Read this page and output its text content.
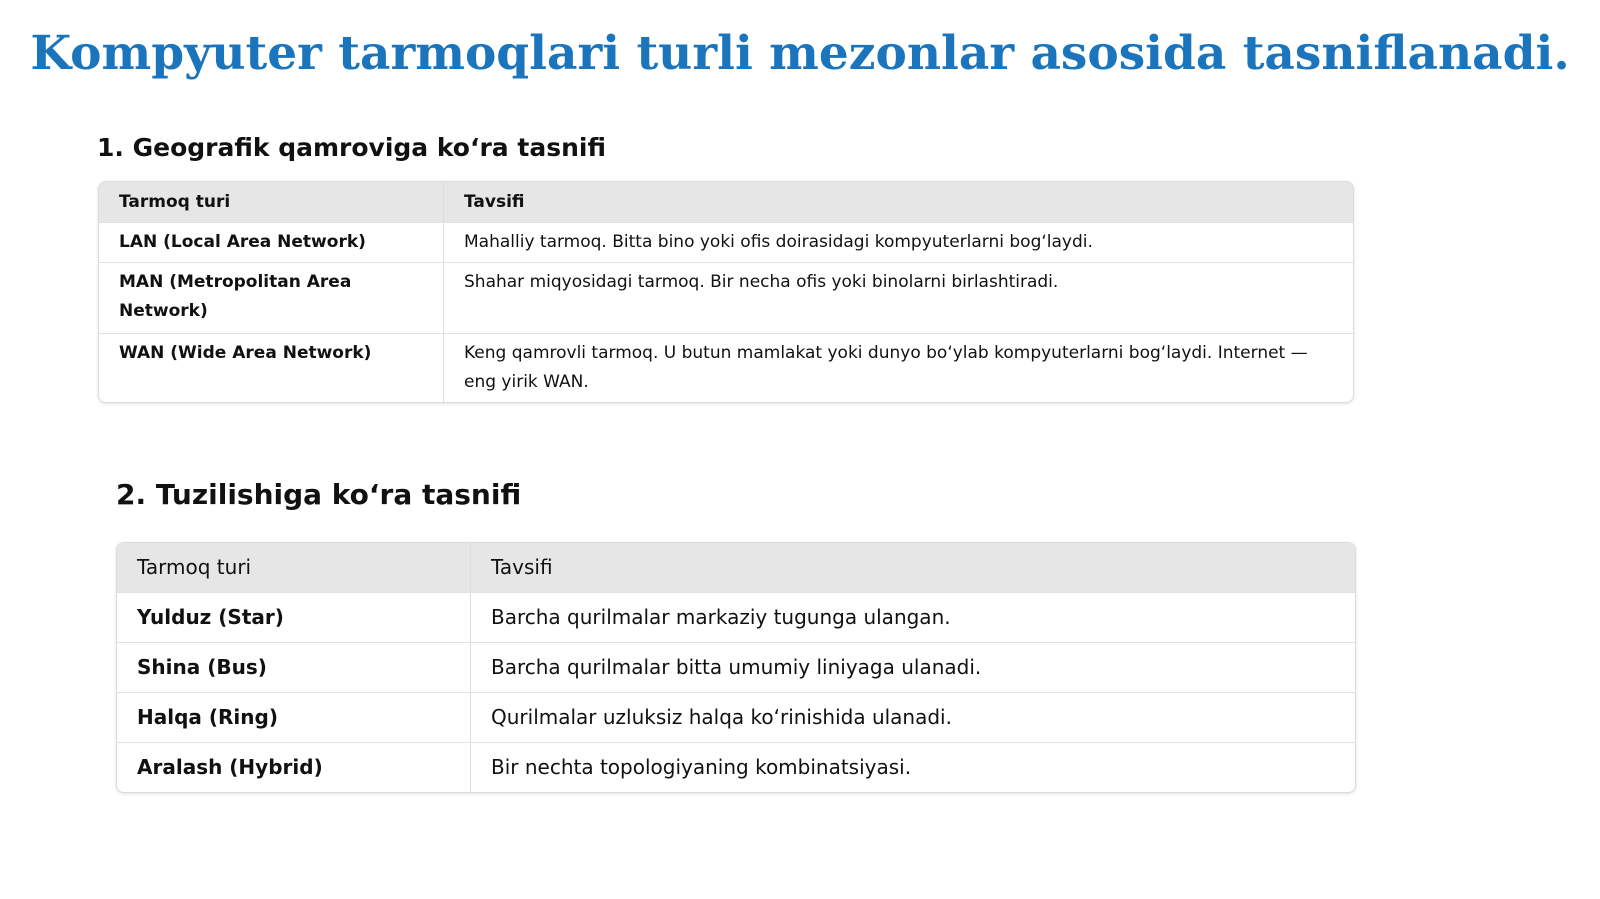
Kompyuter tarmoqlari turli mezonlar asosida tasniflanadi.
1. Geografik qamroviga ko‘ra tasnifi
Tarmoq turi	Tavsifi
LAN (Local Area Network)	Mahalliy tarmoq. Bitta bino yoki ofis doirasidagi kompyuterlarni bog‘laydi.
MAN (Metropolitan Area Network)	Shahar miqyosidagi tarmoq. Bir necha ofis yoki binolarni birlashtiradi.
WAN (Wide Area Network)	Keng qamrovli tarmoq. U butun mamlakat yoki dunyo bo‘ylab kompyuterlarni bog‘laydi. Internet — eng yirik WAN.
2. Tuzilishiga ko‘ra tasnifi
Tarmoq turi	Tavsifi
Yulduz (Star)	Barcha qurilmalar markaziy tugunga ulangan.
Shina (Bus)	Barcha qurilmalar bitta umumiy liniyaga ulanadi.
Halqa (Ring)	Qurilmalar uzluksiz halqa ko‘rinishida ulanadi.
Aralash (Hybrid)	Bir nechta topologiyaning kombinatsiyasi.
